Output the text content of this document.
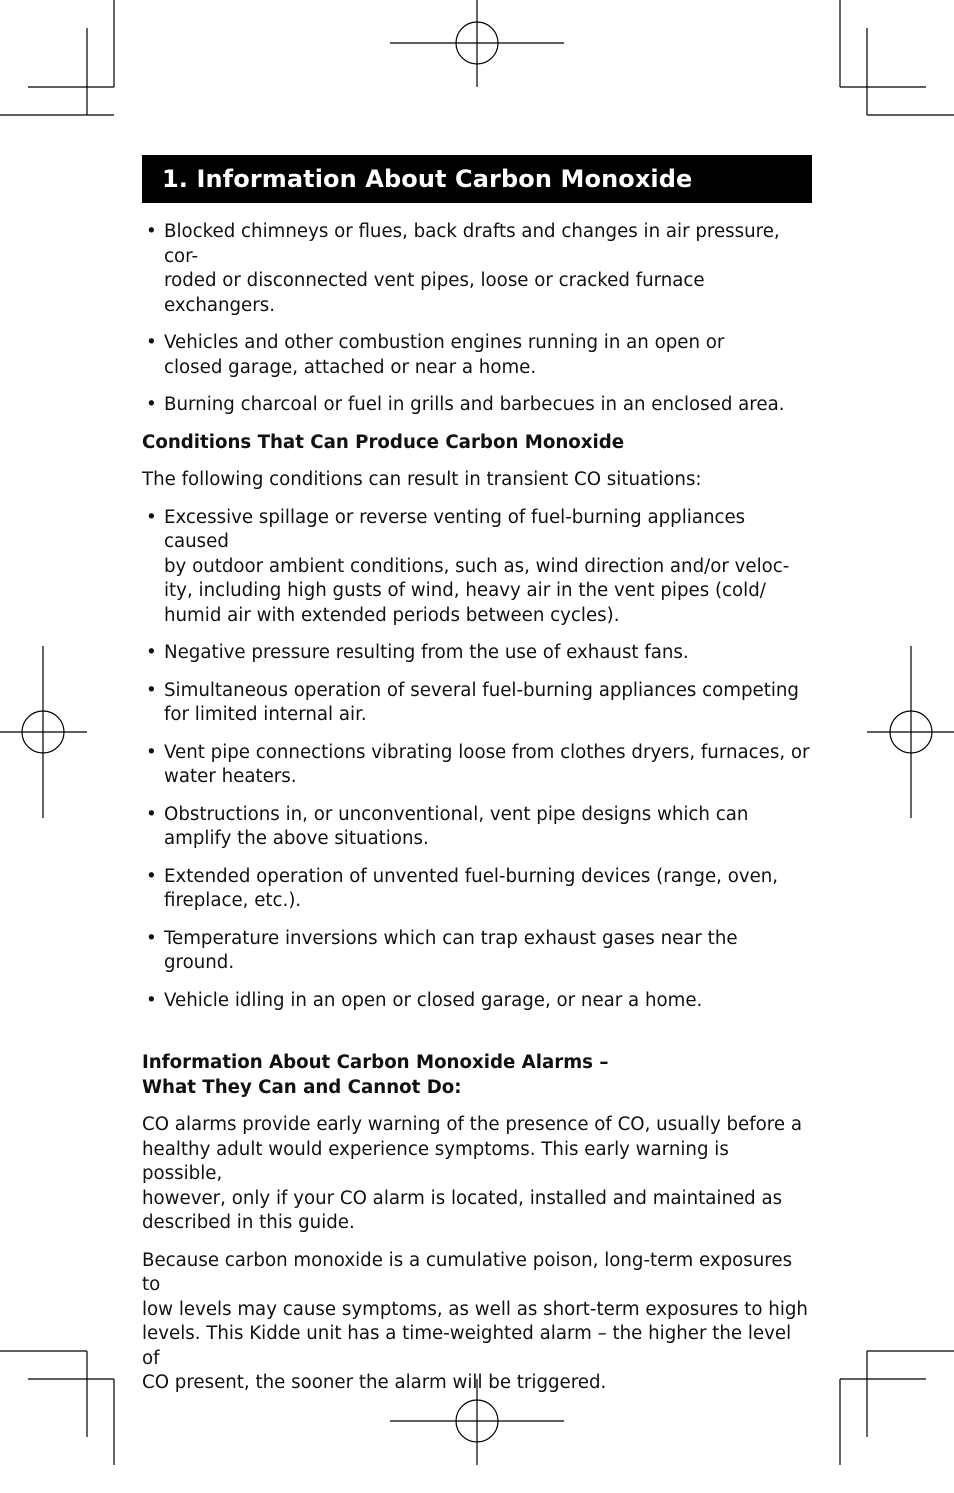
1. Information About Carbon Monoxide
• Blocked chimneys or flues, back drafts and changes in air pressure, cor-
roded or disconnected vent pipes, loose or cracked furnace
exchangers.
• Vehicles and other combustion engines running in an open or
closed garage, attached or near a home.
• Burning charcoal or fuel in grills and barbecues in an enclosed area.
Conditions That Can Produce Carbon Monoxide
The following conditions can result in transient CO situations:
• Excessive spillage or reverse venting of fuel-burning appliances caused
by outdoor ambient conditions, such as, wind direction and/or veloc-
ity, including high gusts of wind, heavy air in the vent pipes (cold/
humid air with extended periods between cycles).
• Negative pressure resulting from the use of exhaust fans.
• Simultaneous operation of several fuel-burning appliances competing
for limited internal air.
• Vent pipe connections vibrating loose from clothes dryers, furnaces, or
water heaters.
• Obstructions in, or unconventional, vent pipe designs which can
amplify the above situations.
• Extended operation of unvented fuel-burning devices (range, oven,
fireplace, etc.).
• Temperature inversions which can trap exhaust gases near the
ground.
• Vehicle idling in an open or closed garage, or near a home.
Information About Carbon Monoxide Alarms –
What They Can and Cannot Do:
CO alarms provide early warning of the presence of CO, usually before a
healthy adult would experience symptoms. This early warning is possible,
however, only if your CO alarm is located, installed and maintained as
described in this guide.
Because carbon monoxide is a cumulative poison, long-term exposures to
low levels may cause symptoms, as well as short-term exposures to high
levels. This Kidde unit has a time-weighted alarm – the higher the level of
CO present, the sooner the alarm will be triggered.
